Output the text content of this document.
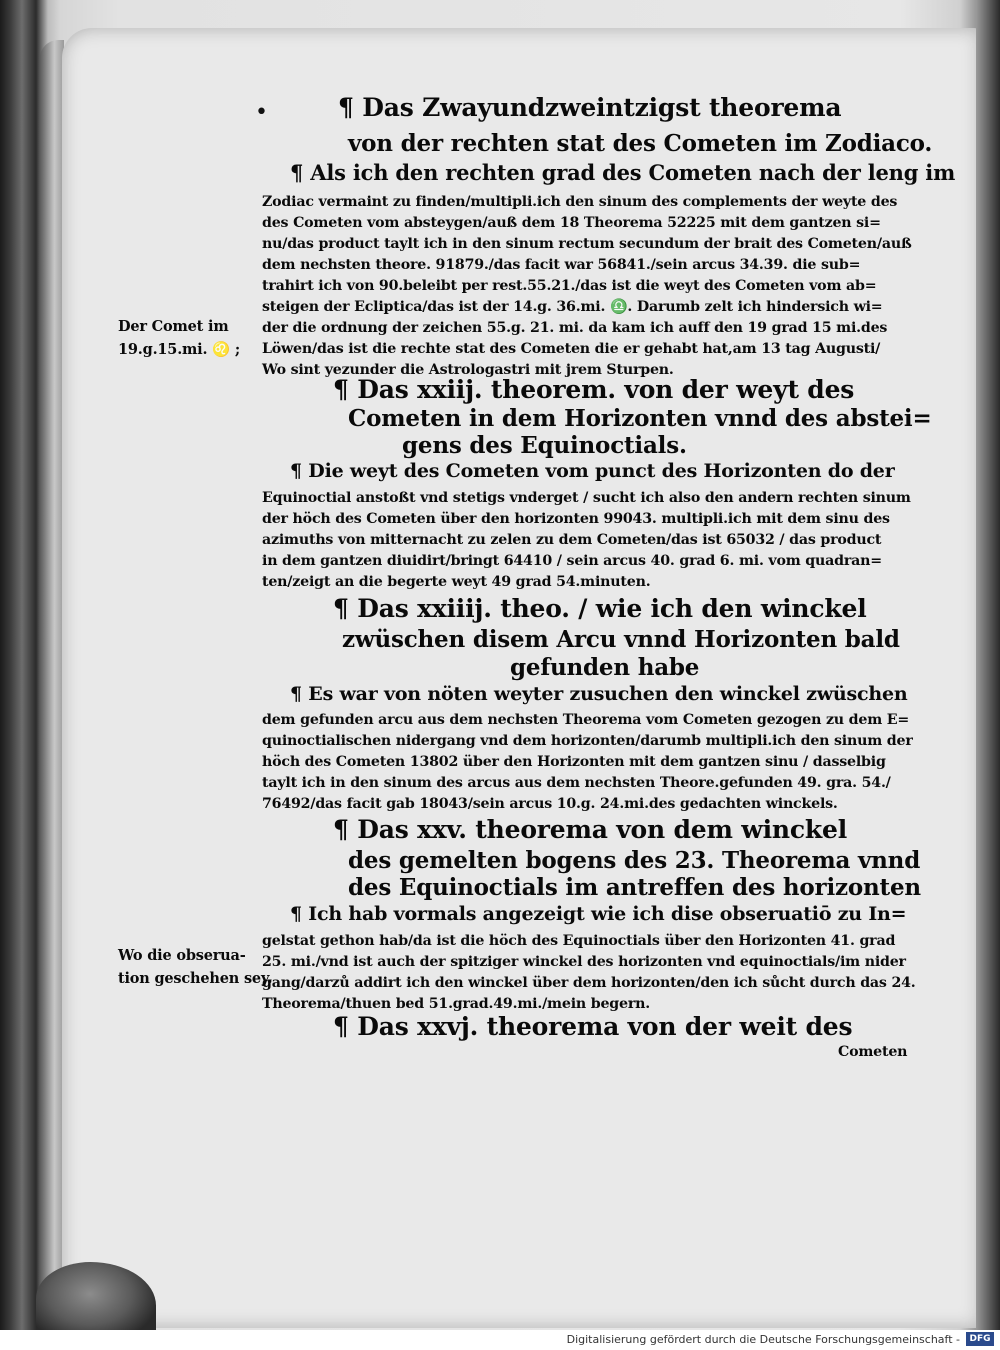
•	¶ Das Zwayundzweintzigst theorema
von der rechten stat des Cometen im Zodiaco.
¶ Als ich den rechten grad des Cometen nach der leng im
Zodiac vermaint zu finden/multipli.ich den sinum des complements der weyte des
des Cometen vom absteygen/auß dem 18 Theorema 52225 mit dem gantzen si=
nu/das product taylt ich in den sinum rectum secundum der brait des Cometen/auß
dem nechsten theore. 91879./das facit war 56841./sein arcus 34.39. die sub=
trahirt ich von 90.beleibt per rest.55.21./das ist die weyt des Cometen vom ab=
steigen der Ecliptica/das ist der 14.g. 36.mi. ♎. Darumb zelt ich hindersich wi=
der die ordnung der zeichen 55.g. 21. mi. da kam ich auff den 19 grad 15 mi.des
Löwen/das ist die rechte stat des Cometen die er gehabt hat,am 13 tag Augusti/
Wo sint yezunder die Astrologastri mit jrem Sturpen.
Der Comet im
19.g.15.mi. ♌ ;
¶ Das xxiij. theorem. von der weyt des
Cometen in dem Horizonten vnnd des abstei=
gens des Equinoctials.
¶ Die weyt des Cometen vom punct des Horizonten do der
Equinoctial anstoßt vnd stetigs vnderget / sucht ich also den andern rechten sinum
der höch des Cometen über den horizonten 99043. multipli.ich mit dem sinu des
azimuths von mitternacht zu zelen zu dem Cometen/das ist 65032 / das product
in dem gantzen diuidirt/bringt 64410 / sein arcus 40. grad 6. mi. vom quadran=
ten/zeigt an die begerte weyt 49 grad 54.minuten.
¶ Das xxiiij. theo. / wie ich den winckel
zwüschen disem Arcu vnnd Horizonten bald
gefunden habe
¶ Es war von nöten weyter zusuchen den winckel zwüschen
dem gefunden arcu aus dem nechsten Theorema vom Cometen gezogen zu dem E=
quinoctialischen nidergang vnd dem horizonten/darumb multipli.ich den sinum der
höch des Cometen 13802 über den Horizonten mit dem gantzen sinu / dasselbig
taylt ich in den sinum des arcus aus dem nechsten Theore.gefunden 49. gra. 54./
76492/das facit gab 18043/sein arcus 10.g. 24.mi.des gedachten winckels.
¶ Das xxv. theorema von dem winckel
des gemelten bogens des 23. Theorema vnnd
des Equinoctials im antreffen des horizonten
¶ Ich hab vormals angezeigt wie ich dise obseruatiō zu In=
gelstat gethon hab/da ist die höch des Equinoctials über den Horizonten 41. grad
25. mi./vnd ist auch der spitziger winckel des horizonten vnd equinoctials/im nider
gang/darzů addirt ich den winckel über dem horizonten/den ich sůcht durch das 24.
Theorema/thuen bed 51.grad.49.mi./mein begern.
Wo die obserua-
tion geschehen sey.
¶ Das xxvj. theorema von der weit des
Cometen
Digitalisierung gefördert durch die Deutsche Forschungsgemeinschaft -	DFG
